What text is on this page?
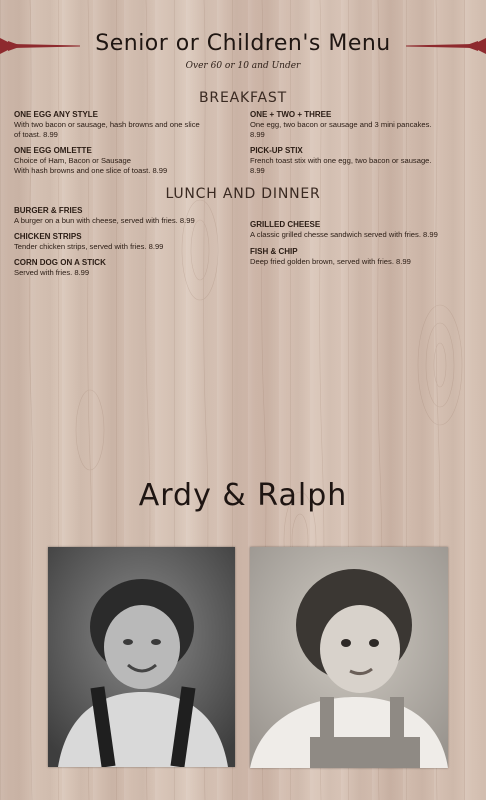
Senior or Children's Menu
Over 60 or 10 and Under
BREAKFAST
ONE EGG ANY STYLE
With two bacon or sausage, hash browns and one slice
of toast. 8.99
ONE EGG OMLETTE
Choice of Ham, Bacon or Sausage
With hash browns and one slice of toast. 8.99
ONE + TWO + THREE
One egg, two bacon or sausage and 3 mini pancakes.
8.99
PICK-UP STIX
French toast stix with one egg, two bacon or sausage.
8.99
LUNCH AND DINNER
BURGER & FRIES
A burger on a bun with cheese, served with fries. 8.99
CHICKEN STRIPS
Tender chicken strips, served with fries. 8.99
CORN DOG ON A STICK
Served with fries. 8.99
GRILLED CHEESE
A classic grilled chesse sandwich served with fries. 8.99
FISH & CHIP
Deep fried golden brown, served with fries. 8.99
Ardy & Ralph
